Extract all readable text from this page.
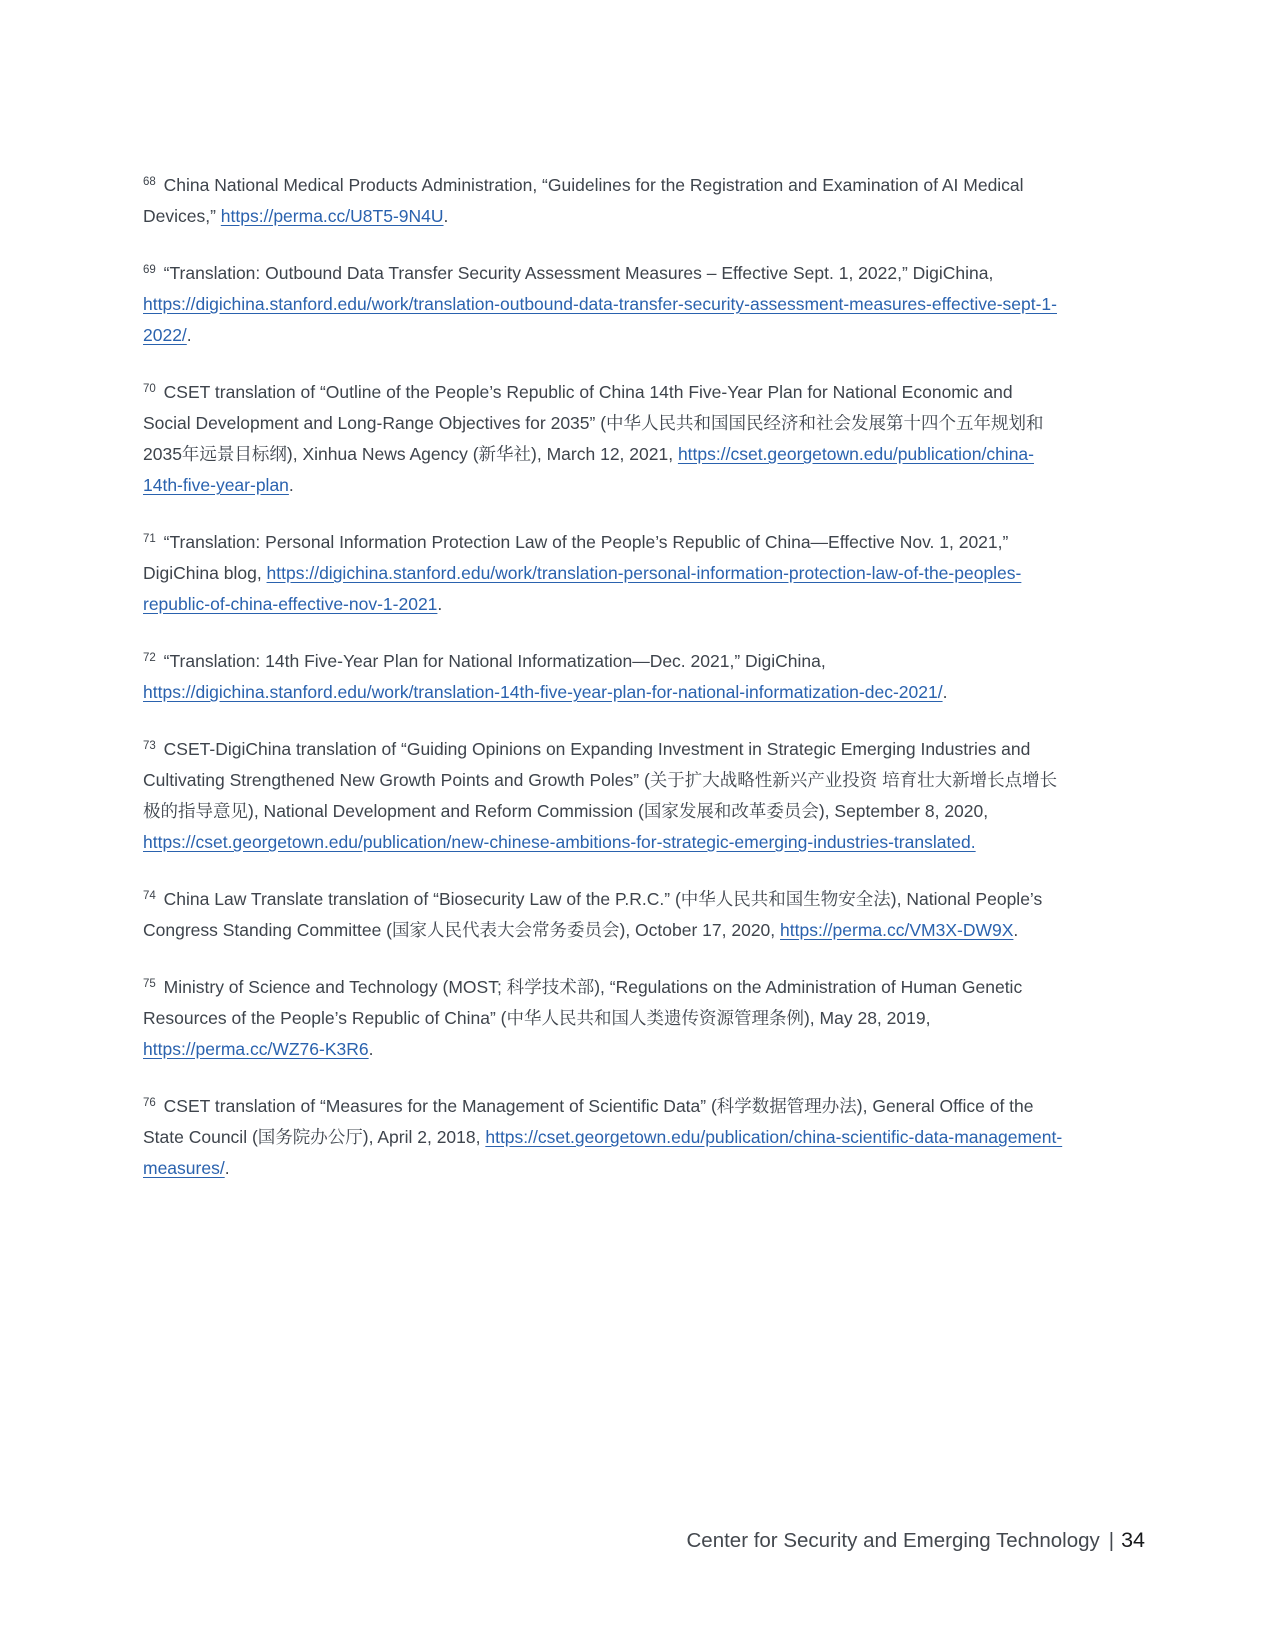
$^{68}$ China National Medical Products Administration, “Guidelines for the Registration and Examination of AI Medical Devices,” https://perma.cc/U8T5-9N4U.

$^{69}$ “Translation: Outbound Data Transfer Security Assessment Measures – Effective Sept. 1, 2022,” DigiChina, https://digichina.stanford.edu/work/translation-outbound-data-transfer-security-assessment-measures-effective-sept-1-2022/.

$^{70}$ CSET translation of “Outline of the People’s Republic of China 14th Five-Year Plan for National Economic and Social Development and Long-Range Objectives for 2035” (中华人民共和国国民经济和社会发展第十四个五年规划和2035年远景目标纲), Xinhua News Agency (新华社), March 12, 2021, https://cset.georgetown.edu/publication/china-14th-five-year-plan.

$^{71}$ “Translation: Personal Information Protection Law of the People’s Republic of China—Effective Nov. 1, 2021,” DigiChina blog, https://digichina.stanford.edu/work/translation-personal-information-protection-law-of-the-peoples-republic-of-china-effective-nov-1-2021.

$^{72}$ “Translation: 14th Five-Year Plan for National Informatization—Dec. 2021,” DigiChina, https://digichina.stanford.edu/work/translation-14th-five-year-plan-for-national-informatization-dec-2021/.

$^{73}$ CSET-DigiChina translation of “Guiding Opinions on Expanding Investment in Strategic Emerging Industries and Cultivating Strengthened New Growth Points and Growth Poles” (关于扩大战略性新兴产业投资 培育壮大新增长点增长极的指导意见), National Development and Reform Commission (国家发展和改革委员会), September 8, 2020, https://cset.georgetown.edu/publication/new-chinese-ambitions-for-strategic-emerging-industries-translated.

$^{74}$ China Law Translate translation of “Biosecurity Law of the P.R.C.” (中华人民共和国生物安全法), National People’s Congress Standing Committee (国家人民代表大会常务委员会), October 17, 2020, https://perma.cc/VM3X-DW9X.

$^{75}$ Ministry of Science and Technology (MOST; 科学技术部), “Regulations on the Administration of Human Genetic Resources of the People’s Republic of China” (中华人民共和国人类遗传资源管理条例), May 28, 2019, https://perma.cc/WZ76-K3R6.

$^{76}$ CSET translation of “Measures for the Management of Scientific Data” (科学数据管理办法), General Office of the State Council (国务院办公厅), April 2, 2018, https://cset.georgetown.edu/publication/china-scientific-data-management-measures/.

Center for Security and Emerging Technology | 34
